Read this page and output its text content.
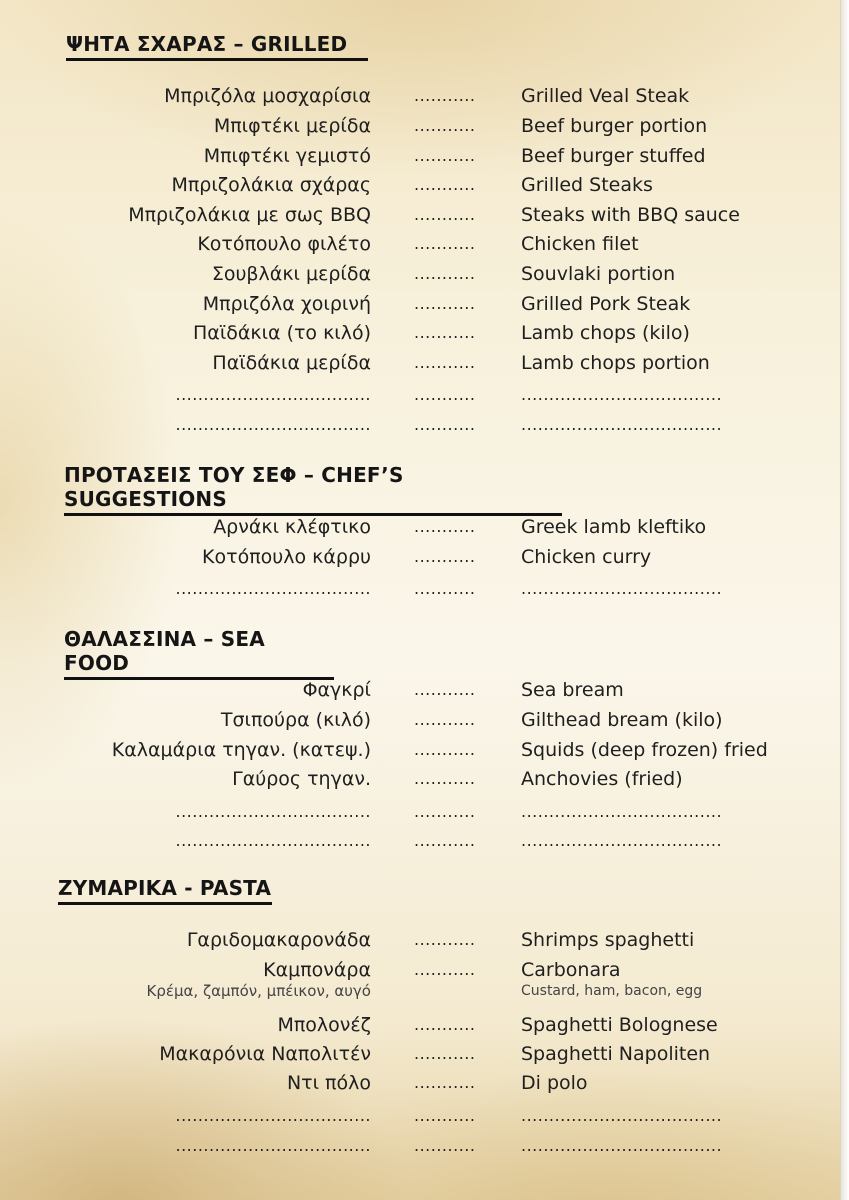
ΨΗΤΑ ΣΧΑΡΑΣ – GRILLED
Μπριζόλα μοσχαρίσια	........... Grilled Veal Steak
Μπιφτέκι μερίδα	........... Beef burger portion
Μπιφτέκι γεμιστό	........... Beef burger stuffed
Μπριζολάκια σχάρας	........... Grilled Steaks
Μπριζολάκια με σως BBQ	........... Steaks with BBQ sauce
Κοτόπουλο φιλέτο	........... Chicken filet
Σουβλάκι μερίδα	........... Souvlaki portion
Μπριζόλα χοιρινή	........... Grilled Pork Steak
Παϊδάκια (το κιλό)	........... Lamb chops (kilo)
Παϊδάκια μερίδα	........... Lamb chops portion
...................................	...........	....................................
...................................	...........	....................................
ΠΡΟΤΑΣΕΙΣ ΤΟΥ ΣΕΦ – CHEF’S SUGGESTIONS
Αρνάκι κλέφτικο	........... Greek lamb kleftiko
Κοτόπουλο κάρρυ	........... Chicken curry
...................................	...........	....................................
ΘΑΛΑΣΣΙΝΑ – SEA FOOD
Φαγκρί	........... Sea bream
Τσιπούρα (κιλό)	........... Gilthead bream (kilo)
Καλαμάρια τηγαν. (κατεψ.)	........... Squids (deep frozen) fried
Γαύρος τηγαν.	........... Anchovies (fried)
...................................	...........	....................................
...................................	...........	....................................
ΖΥΜΑΡΙΚΑ - PASTA
Γαριδομακαρονάδα	........... Shrimps spaghetti
Καμπονάρα	........... Carbonara
Κρέμα, ζαμπόν, μπέικον, αυγό	Custard, ham, bacon, egg
Μπολονέζ	........... Spaghetti Bolognese
Μακαρόνια Ναπολιτέν	........... Spaghetti Napoliten
Ντι πόλο	........... Di polo
...................................	...........	....................................
...................................	...........	....................................
